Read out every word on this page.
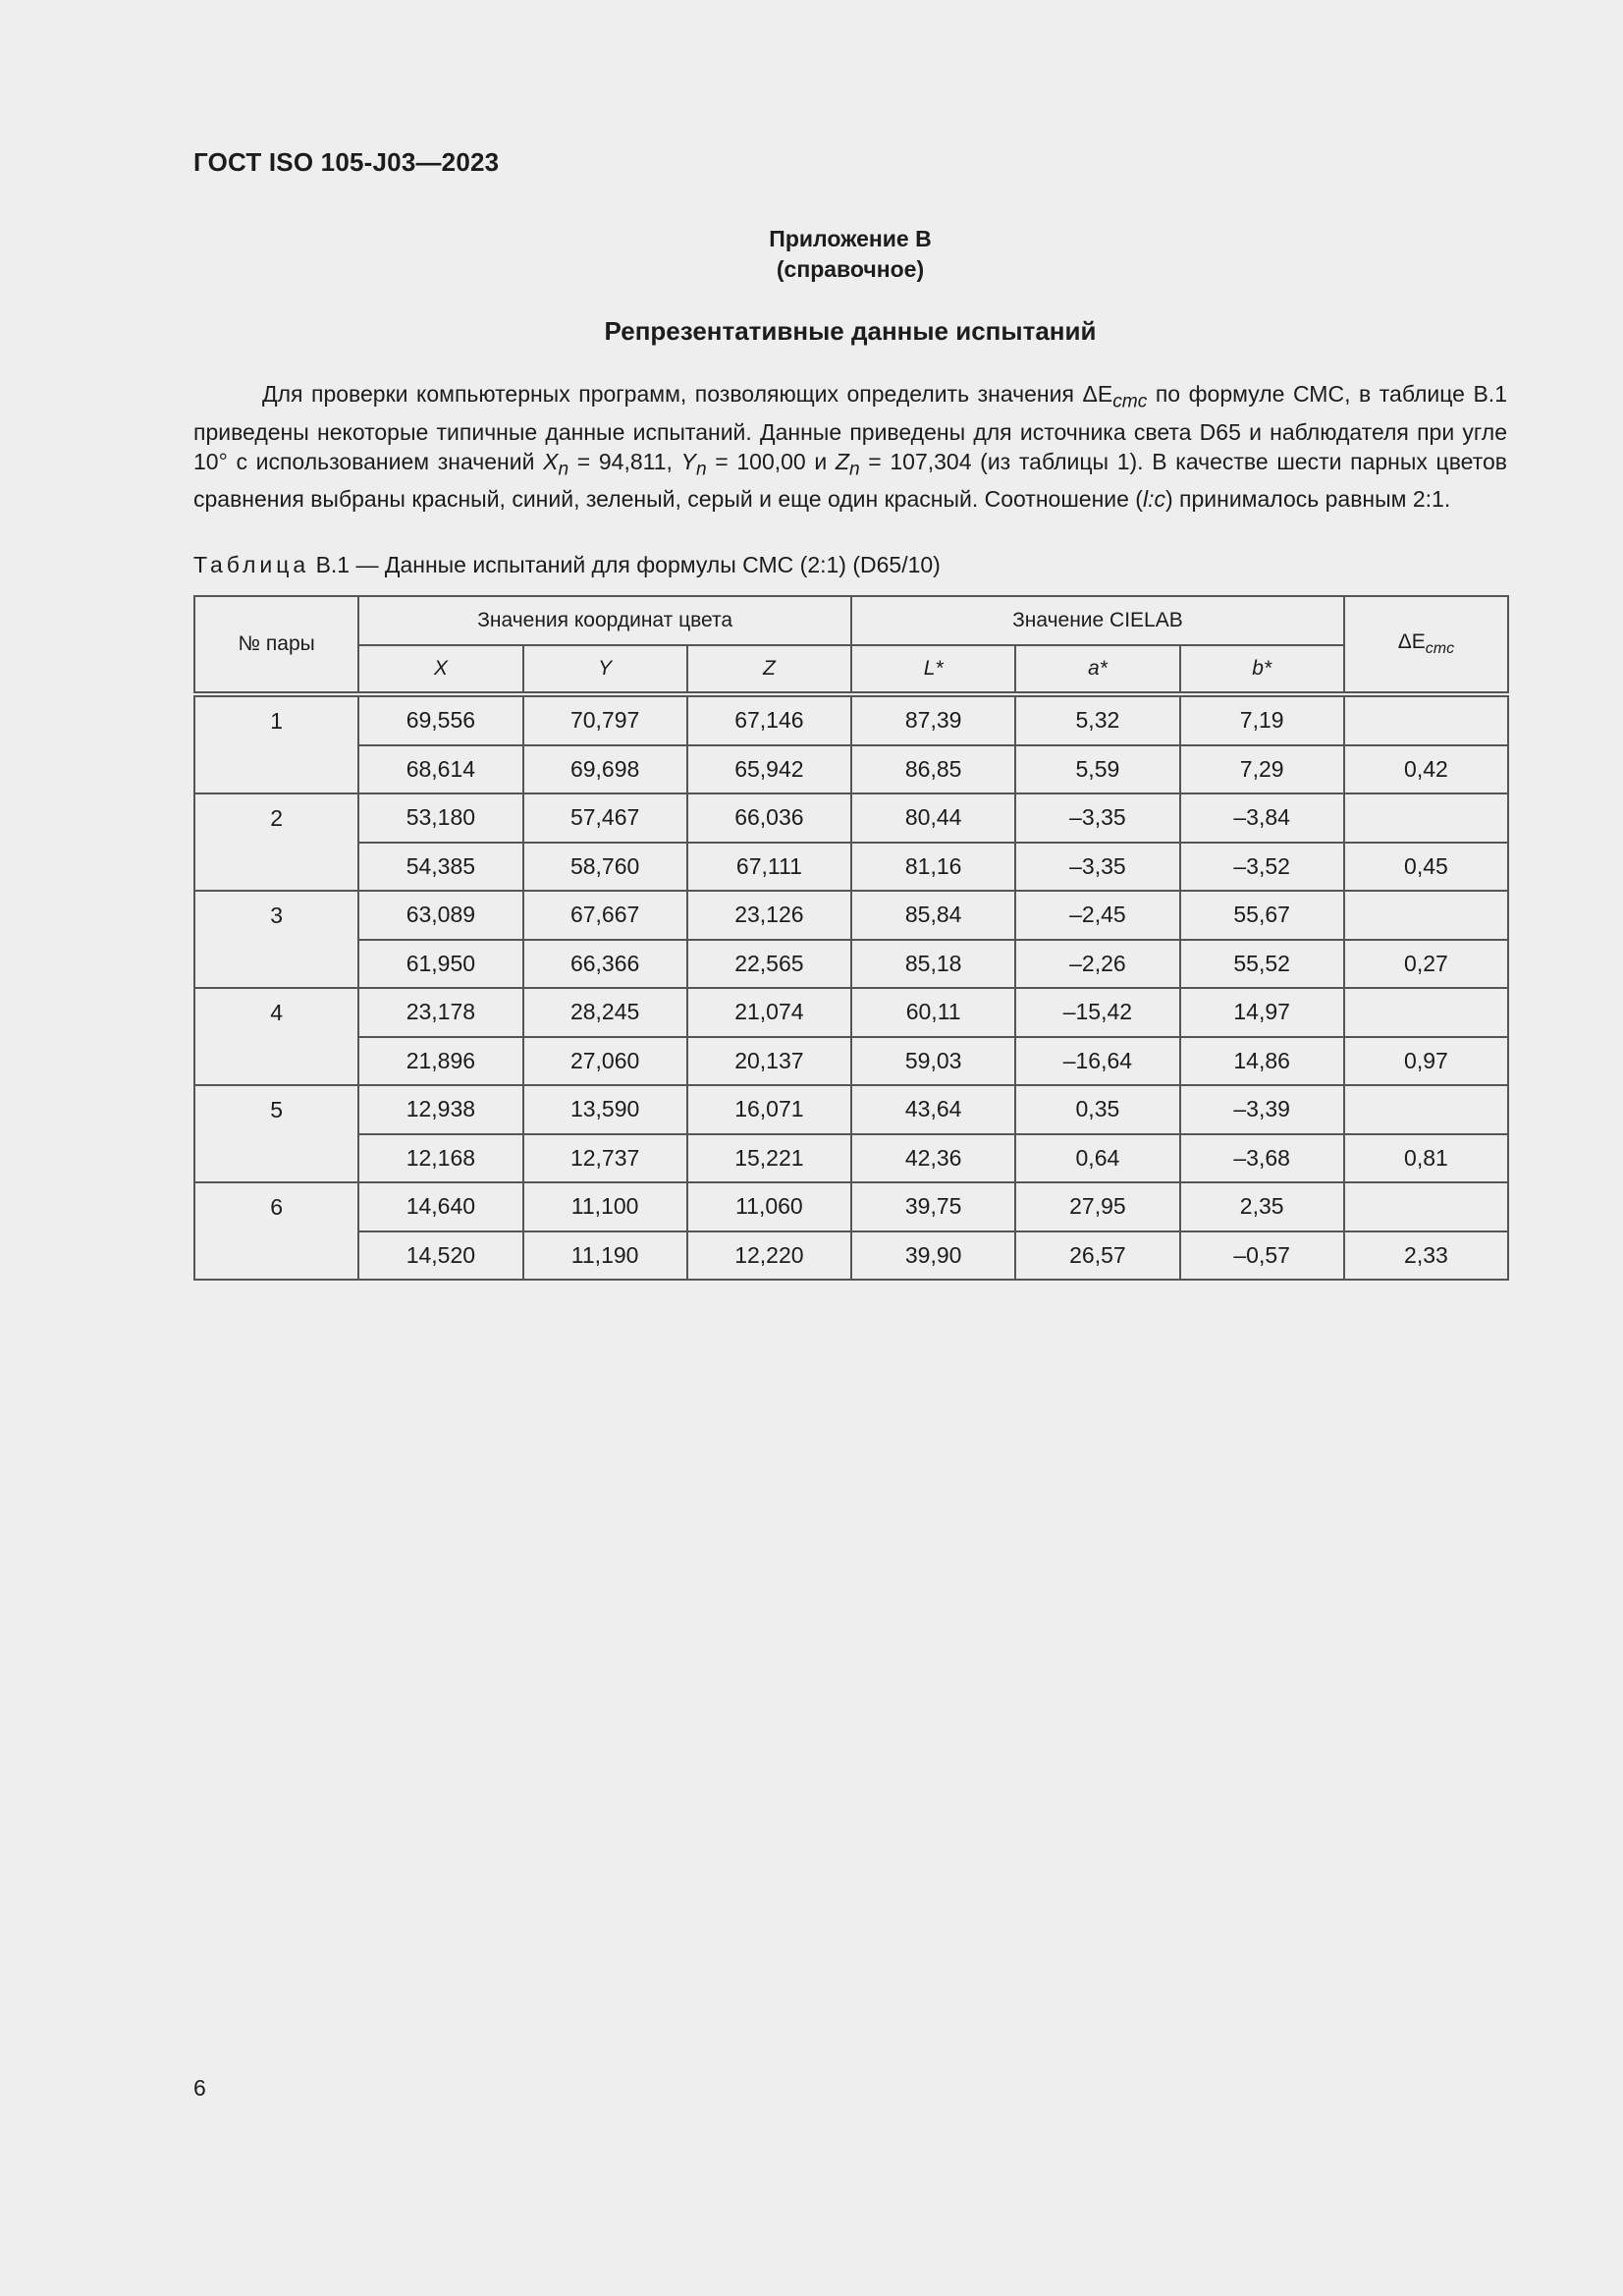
ГОСТ ISO 105-J03—2023
Приложение В
(справочное)
Репрезентативные данные испытаний

Для проверки компьютерных программ, позволяющих определить значения $\Delta E_{cmc}$ по формуле СМС, в таблице В.1 приведены некоторые типичные данные испытаний. Данные приведены для источника света D65 и наблюдателя при угле 10° с использованием значений $X_n = 94,811$, $Y_n = 100,00$ и $Z_n = 107,304$ (из таблицы 1). В качестве шести парных цветов сравнения выбраны красный, синий, зеленый, серый и еще один красный. Соотношение (l:c) принималось равным 2:1.

Таблица В.1 — Данные испытаний для формулы СМС (2:1) (D65/10)
№ пары	Значения координат цвета			Значение CIELAB			$\Delta E_{cmc}$
	X	Y	Z	L*	a*	b*	
1	69,556	70,797	67,146	87,39	5,32	7,19	
	68,614	69,698	65,942	86,85	5,59	7,29	0,42
2	53,180	57,467	66,036	80,44	–3,35	–3,84	
	54,385	58,760	67,111	81,16	–3,35	–3,52	0,45
3	63,089	67,667	23,126	85,84	–2,45	55,67	
	61,950	66,366	22,565	85,18	–2,26	55,52	0,27
4	23,178	28,245	21,074	60,11	–15,42	14,97	
	21,896	27,060	20,137	59,03	–16,64	14,86	0,97
5	12,938	13,590	16,071	43,64	0,35	–3,39	
	12,168	12,737	15,221	42,36	0,64	–3,68	0,81
6	14,640	11,100	11,060	39,75	27,95	2,35	
	14,520	11,190	12,220	39,90	26,57	–0,57	2,33
6
